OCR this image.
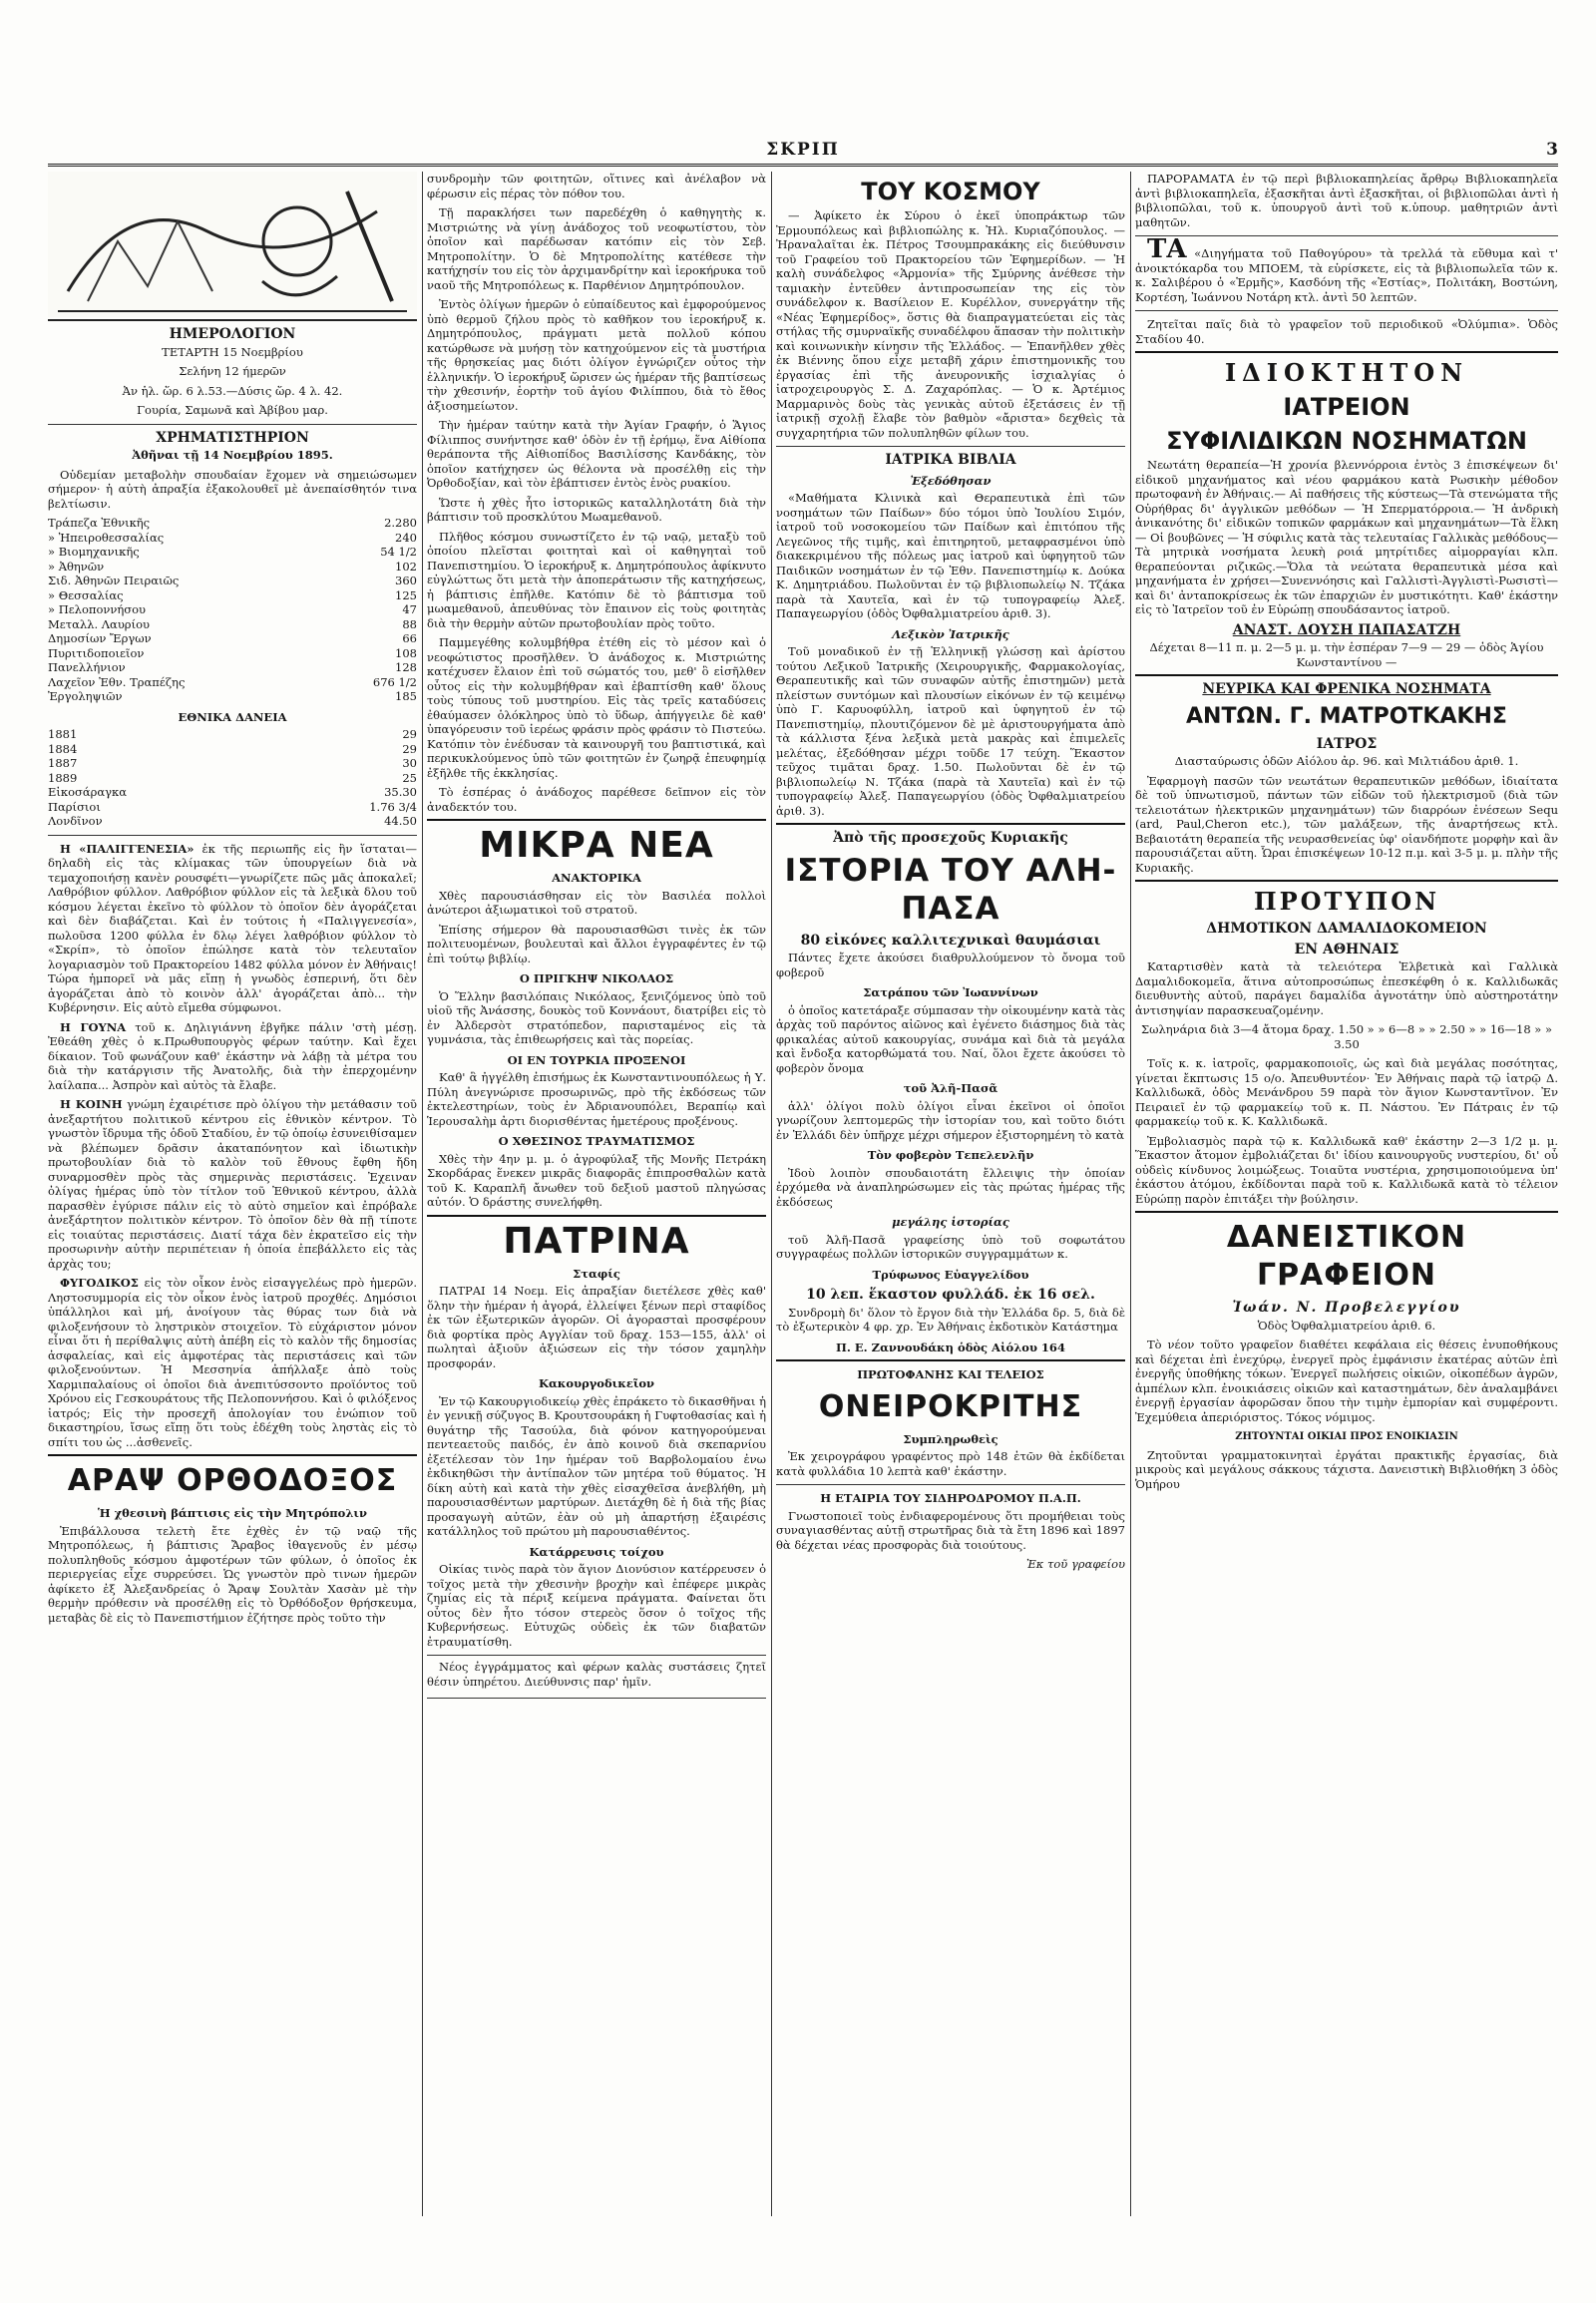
ΣΚΡΙΠ	3
ΗΜΕΡΟΛΟΓΙΟΝ

ΤΕΤΑΡΤΗ 15 Νοεμβρίου

Σελήνη 12 ήμερῶν

Ἀν ἡλ. ὥρ. 6 λ.53.—Δύσις ὥρ. 4 λ. 42.

Γουρία, Σαμωνᾶ καὶ Ἀβίβου μαρ.

ΧΡΗΜΑΤΙΣΤΗΡΙΟΝ

Ἀθῆναι τῇ 14 Νοεμβρίου 1895.

Οὐδεμίαν μεταβολὴν σπουδαίαν ἔχομεν νὰ σημειώσωμεν σήμερον· ἡ αὐτὴ ἀπραξία ἐξακολουθεῖ μὲ ἀνεπαίσθητόν τινα βελτίωσιν.

Τράπεζα Ἐθνικῆς	2.280
» Ἠπειροθεσσαλίας	240
» Βιομηχανικῆς	54 1/2
» Ἀθηνῶν	102
Σιδ. Ἀθηνῶν Πειραιῶς	360
» Θεσσαλίας	125
» Πελοποννήσου	47
Μεταλλ. Λαυρίου	88
Δημοσίων Ἔργων	66
Πυριτιδοποιεῖον	108
Πανελλήνιον	128
Λαχεῖον Ἐθν. Τραπέζης	676 1/2
Ἐργοληψιῶν	185
ΕΘΝΙΚΑ ΔΑΝΕΙΑ
1881	29
1884	29
1887	30
1889	25
Εἰκοσάραγκα	35.30
Παρίσιοι	1.76 3/4
Λονδῖνον	44.50

Η «ΠΑΛΙΓΓΕΝΕΣΙΑ» ἐκ τῆς περιωπῆς εἰς ἣν ἵσταται—δηλαδὴ εἰς τὰς κλίμακας τῶν ὑπουργείων διὰ νὰ τεμαχοποιήσῃ κανὲν ρουσφέτι—γνωρίζετε πῶς μᾶς ἀποκαλεῖ; Λαθρόβιον φύλλον. Λαθρόβιον φύλλον εἰς τὰ λεξικὰ δλου τοῦ κόσμου λέγεται ἐκεῖνο τὸ φύλλον τὸ ὁποῖον δὲν ἀγοράζεται καὶ δὲν διαβάζεται. Καὶ ἐν τούτοις ἡ «Παλιγγενεσία», πωλοῦσα 1200 φύλλα ἐν δλῳ λέγει λαθρόβιον φύλλον τὸ «Σκρίπ», τὸ ὁποῖον ἐπώλησε κατὰ τὸν τελευταῖον λογαριασμὸν τοῦ Πρακτορείου 1482 φύλλα μόνον ἐν Ἀθήναις! Τώρα ἠμπορεῖ νὰ μᾶς εἴπῃ ἡ γνωδὸς ἑσπερινή, ὅτι δὲν ἀγοράζεται ἀπὸ τὸ κοινὸν ἀλλ' ἀγοράζεται ἀπὸ... τὴν Κυβέρνησιν. Εἰς αὐτὸ εἴμεθα σύμφωνοι.

Η ΓΟΥΝΑ τοῦ κ. Δηλιγιάννη ἐβγῆκε πάλιν 'στὴ μέσῃ. Ἐθεάθη χθὲς ὁ κ.Πρωθυπουργὸς φέρων ταύτην. Καὶ ἔχει δίκαιον. Τοῦ φωνάζουν καθ' ἑκάστην νὰ λάβῃ τὰ μέτρα του διὰ τὴν κατάργισιν τῆς Ἀνατολῆς, διὰ τὴν ἐπερχομένην λαίλαπα... Ἀσπρὸν καὶ αὐτὸς τὰ ἔλαβε.

Η ΚΟΙΝΗ γνώμη ἐχαιρέτισε πρὸ ὀλίγου τὴν μετάθασιν τοῦ ἀνεξαρτήτου πολιτικοῦ κέντρου εἰς ἐθνικὸν κέντρον. Τὸ γνωστὸν ἴδρυμα τῆς ὁδοῦ Σταδίου, ἐν τῷ ὁποίῳ ἐσυνειθίσαμεν νὰ βλέπωμεν δρᾶσιν ἀκαταπόνητον καὶ ἰδιωτικὴν πρωτοβουλίαν διὰ τὸ καλὸν τοῦ ἔθνους ἔφθη ἤδη συναρμοσθὲν πρὸς τὰς σημερινὰς περιστάσεις. Ἐχειναν ὀλίγας ἡμέρας ὑπὸ τὸν τίτλον τοῦ Ἐθνικοῦ κέντρου, ἀλλὰ παρασθὲν ἐγύρισε πάλιν εἰς τὸ αὐτὸ σημεῖον καὶ ἐπρόβαλε ἀνεξάρτητον πολιτικὸν κέντρον. Τὸ ὁποῖον δὲν θὰ πῇ τίποτε εἰς τοιαύτας περιστάσεις. Διατί τάχα δὲν ἐκρατεῖσο εἰς τὴν προσωρινὴν αὐτὴν περιπέτειαν ἡ ὁποία ἐπεβάλλετο εἰς τὰς ἀρχὰς του;

ΦΥΓΟΔΙΚΟΣ εἰς τὸν οἶκον ἑνὸς εἰσαγγελέως πρὸ ἡμερῶν. Ληστοσυμμορία εἰς τὸν οἶκον ἑνὸς ἰατροῦ προχθές. Δημόσιοι ὑπάλληλοι καὶ μή, ἀνοίγουν τὰς θύρας των διὰ νὰ φιλοξενήσουν τὸ ληστρικὸν στοιχεῖον. Τὸ εὐχάριστον μόνον εἶναι ὅτι ἡ περίθαλψις αὐτὴ ἀπέβη εἰς τὸ καλὸν τῆς δημοσίας ἀσφαλείας, καὶ εἰς ἀμφοτέρας τὰς περιστάσεις καὶ τῶν φιλοξενούντων. Ἡ Μεσσηνία ἀπήλλαξε ἀπὸ τοὺς Χαρμιπαλαίους οἱ ὁποῖοι διὰ ἀνεπιτύσσοντο προϊόντος τοῦ Χρόνου εἰς Γεσκουράτους τῆς Πελοποννήσου. Καὶ ὁ φιλόξενος ἰατρός; Εἰς τὴν προσεχῆ ἀπολογίαν του ἐνώπιον τοῦ δικαστηρίου, ἴσως εἴπῃ ὅτι τοὺς ἐδέχθη τοὺς ληστὰς εἰς τὸ σπίτι του ὡς ...ἀσθενεῖς.

ΑΡΑΨ ΟΡΘΟΔΟΞΟΣ
Ἡ χθεσινὴ βάπτισις εἰς τὴν Μητρόπολιν

Ἐπιβάλλουσα τελετὴ ἔτε ἐχθὲς ἐν τῷ ναῷ τῆς Μητροπόλεως, ἡ βάπτισις Ἄραβος ἰθαγενοῦς ἐν μέσῳ πολυπληθοῦς κόσμου ἀμφοτέρων τῶν φύλων, ὁ ὁποῖος ἐκ περιεργείας εἶχε συρρεύσει. Ὡς γνωστὸν πρὸ τινων ἡμερῶν ἀφίκετο ἐξ Ἀλεξανδρείας ὁ Ἄραψ Σουλτὰν Χασὰν μὲ τὴν θερμὴν πρόθεσιν νὰ προσέλθῃ εἰς τὸ Ὀρθόδοξον θρήσκευμα, μεταβὰς δὲ εἰς τὸ Πανεπιστήμιον ἐζήτησε πρὸς τοῦτο τὴν

συνδρομὴν τῶν φοιτητῶν, οἵτινες καὶ ἀνέλαβον νὰ φέρωσιν εἰς πέρας τὸν πόθον του.

Τῇ παρακλήσει των παρεδέχθη ὁ καθηγητὴς κ. Μιστριώτης νὰ γίνῃ ἀνάδοχος τοῦ νεοφωτίστου, τὸν ὁποῖον καὶ παρέδωσαν κατόπιν εἰς τὸν Σεβ. Μητροπολίτην. Ὁ δὲ Μητροπολίτης κατέθεσε τὴν κατήχησίν του εἰς τὸν ἀρχιμανδρίτην καὶ ἱεροκήρυκα τοῦ ναοῦ τῆς Μητροπόλεως κ. Παρθένιον Δημητρόπουλον.

Ἐντὸς ὀλίγων ἡμερῶν ὁ εὐπαίδευτος καὶ ἐμφορούμενος ὑπὸ θερμοῦ ζήλου πρὸς τὸ καθῆκον του ἱεροκήρυξ κ. Δημητρόπουλος, πράγματι μετὰ πολλοῦ κόπου κατώρθωσε νὰ μυήσῃ τὸν κατηχούμενον εἰς τὰ μυστήρια τῆς θρησκείας μας διότι ὀλίγον ἐγνώριζεν οὗτος τὴν ἑλληνικήν. Ὁ ἱεροκήρυξ ὥρισεν ὡς ἡμέραν τῆς βαπτίσεως τὴν χθεσινήν, ἑορτὴν τοῦ ἁγίου Φιλίππου, διὰ τὸ ἔθος ἀξιοσημείωτον.

Τὴν ἡμέραν ταύτην κατὰ τὴν Ἁγίαν Γραφήν, ὁ Ἅγιος Φίλιππος συνήντησε καθ' ὁδὸν ἐν τῇ ἐρήμῳ, ἕνα Αἰθίοπα θεράποντα τῆς Αἰθιοπίδος Βασιλίσσης Κανδάκης, τὸν ὁποῖον κατήχησεν ὡς θέλοντα νὰ προσέλθῃ εἰς τὴν Ὀρθοδοξίαν, καὶ τὸν ἐβάπτισεν ἐντὸς ἑνὸς ρυακίου.

Ὥστε ἡ χθὲς ἦτο ἱστορικῶς καταλληλοτάτη διὰ τὴν βάπτισιν τοῦ προσκλύτου Μωαμεθανοῦ.

Πλῆθος κόσμου συνωστίζετο ἐν τῷ ναῷ, μεταξὺ τοῦ ὁποίου πλεῖσται φοιτηταὶ καὶ οἱ καθηγηταὶ τοῦ Πανεπιστημίου. Ὁ ἱεροκήρυξ κ. Δημητρόπουλος ἀφίκνυτο εὐγλώττως ὅτι μετὰ τὴν ἀποπεράτωσιν τῆς κατηχήσεως, ἡ βάπτισις ἐπῆλθε. Κατόπιν δὲ τὸ βάπτισμα τοῦ μωαμεθανοῦ, ἀπευθύνας τὸν ἔπαινον εἰς τοὺς φοιτητὰς διὰ τὴν θερμὴν αὐτῶν πρωτοβουλίαν πρὸς τοῦτο.

Παμμεγέθης κολυμβήθρα ἐτέθη εἰς τὸ μέσον καὶ ὁ νεοφώτιστος προσῆλθεν. Ὁ ἀνάδοχος κ. Μιστριώτης κατέχυσεν ἔλαιον ἐπὶ τοῦ σώματός του, μεθ' ὃ εἰσῆλθεν οὗτος εἰς τὴν κολυμβήθραν καὶ ἐβαπτίσθη καθ' ὅλους τοὺς τύπους τοῦ μυστηρίου. Εἰς τὰς τρεῖς καταδύσεις ἐθαύμασεν ὁλόκληρος ὑπὸ τὸ ὕδωρ, ἀπήγγειλε δὲ καθ' ὑπαγόρευσιν τοῦ ἱερέως φράσιν πρὸς φράσιν τὸ Πιστεύω. Κατόπιν τὸν ἐνέδυσαν τὰ καινουργῆ του βαπτιστικά, καὶ περικυκλούμενος ὑπὸ τῶν φοιτητῶν ἐν ζωηρᾷ ἐπευφημίᾳ ἐξῆλθε τῆς ἐκκλησίας.

Τὸ ἑσπέρας ὁ ἀνάδοχος παρέθεσε δεῖπνον εἰς τὸν ἀναδεκτόν του.

ΜΙΚΡΑ ΝΕΑ
ΑΝΑΚΤΟΡΙΚΑ

Χθὲς παρουσιάσθησαν εἰς τὸν Βασιλέα πολλοὶ ἀνώτεροι ἀξιωματικοὶ τοῦ στρατοῦ.

Ἐπίσης σήμερον θὰ παρουσιασθῶσι τινὲς ἐκ τῶν πολιτευομένων, βουλευταὶ καὶ ἄλλοι ἐγγραφέντες ἐν τῷ ἐπὶ τούτῳ βιβλίῳ.

Ο ΠΡΙΓΚΗΨ ΝΙΚΟΛΑΟΣ

Ὁ Ἕλλην βασιλόπαις Νικόλαος, ξενιζόμενος ὑπὸ τοῦ υἱοῦ τῆς Ἀνάσσης, δουκὸς τοῦ Κοννάουτ, διατρίβει εἰς τὸ ἐν Ἀλδερσὸτ στρατόπεδον, παρισταμένος εἰς τὰ γυμνάσια, τὰς ἐπιθεωρήσεις καὶ τὰς πορείας.

ΟΙ ΕΝ ΤΟΥΡΚΙΑ ΠΡΟΞΕΝΟΙ

Καθ' ἃ ἠγγέλθη ἐπισήμως ἐκ Κωνσταντινουπόλεως ἡ Υ. Πύλη ἀνεγνώρισε προσωρινῶς, πρὸ τῆς ἐκδόσεως τῶν ἐκτελεστηρίων, τοὺς ἐν Ἀδριανουπόλει, Βεραπίῳ καὶ Ἱερουσαλὴμ ἀρτι διορισθέντας ἡμετέρους προξένους.

Ο ΧΘΕΣΙΝΟΣ ΤΡΑΥΜΑΤΙΣΜΟΣ

Χθὲς τὴν 4ην μ. μ. ὁ ἀγροφύλαξ τῆς Μονῆς Πετράκη Σκορδάρας ἕνεκεν μικρᾶς διαφορᾶς ἐπιπροσθαλὼν κατὰ τοῦ Κ. Καραπλῆ ἄνωθεν τοῦ δεξιοῦ μαστοῦ πληγώσας αὐτόν. Ὁ δράστης συνελήφθη.

ΠΑΤΡΙΝΑ
Σταφίς

ΠΑΤΡΑΙ 14 Νοεμ. Εἰς ἀπραξίαν διετέλεσε χθὲς καθ' ὅλην τὴν ἡμέραν ἡ ἀγορά, ἐλλείψει ξένων περὶ σταφίδος ἐκ τῶν ἐξωτερικῶν ἀγορῶν. Οἱ ἀγορασταὶ προσφέρουν διὰ φορτίκα πρὸς Αγγλίαν τοῦ δραχ. 153—155, ἀλλ' οἱ πωληταὶ ἀξιοῦν ἀξιώσεων εἰς τὴν τόσον χαμηλὴν προσφοράν.

Κακουργοδικεῖον

Ἐν τῷ Κακουργιοδικείῳ χθὲς ἐπράκετο τὸ δικασθῆναι ἡ ἐν γενικῇ σύζυγος Β. Κρουτσουράκη ἡ Γυφτοθασίας καὶ ἡ θυγάτηρ τῆς Τασούλα, διὰ φόνον κατηγορούμεναι πεντεαετοῦς παιδός, ἐν ἀπὸ κοινοῦ διὰ σκεπαρνίου ἐξετέλεσαν τὸν 1ην ἡμέραν τοῦ Βαρβολομαίου ἐνω ἐκδικηθῶσι τὴν ἀντίπαλον τῶν μητέρα τοῦ θύματος. Ἡ δίκη αὐτὴ καὶ κατὰ τὴν χθὲς εἰσαχθεῖσα ἀνεβλήθη, μὴ παρουσιασθέντων μαρτύρων. Διετάχθη δὲ ἡ διὰ τῆς βίας προσαγωγὴ αὐτῶν, ἐὰν οὐ μὴ ἀπαρτήσῃ ἐξαιρέσις κατάλληλος τοῦ πρώτου μὴ παρουσιαθέντος.

Κατάρρευσις τοίχου

Οἰκίας τινὸς παρὰ τὸν ἅγιον Διονύσιον κατέρρευσεν ὁ τοῖχος μετὰ τὴν χθεσινὴν βροχὴν καὶ ἐπέφερε μικρὰς ζημίας εἰς τὰ πέριξ κείμενα πράγματα. Φαίνεται ὅτι οὗτος δὲν ἦτο τόσον στερεὸς ὅσον ὁ τοῖχος τῆς Κυβερνήσεως. Εὐτυχῶς οὐδεὶς ἐκ τῶν διαβατῶν ἐτραυματίσθη.

Νέος ἐγγράμματος καὶ φέρων καλὰς συστάσεις ζητεῖ θέσιν ὑπηρέτου. Διεύθυνσις παρ' ἡμῖν.

ΤΟΥ ΚΟΣΜΟΥ

— Ἀφίκετο ἐκ Σύρου ὁ ἐκεῖ ὑποπράκτωρ τῶν Ἐρμουπόλεως καὶ βιβλιοπώλης κ. Ἠλ. Κυριαζόπουλος. — Ἠραναλαῖται ἐκ. Πέτρος Τσουμπρακάκης εἰς διεύθυνσιν τοῦ Γραφείου τοῦ Πρακτορείου τῶν Ἐφημερίδων. — Ἡ καλὴ συνάδελφος «Ἁρμονία» τῆς Σμύρνης ἀνέθεσε τὴν ταμιακὴν ἐντεῦθεν ἀντιπροσωπείαν της εἰς τὸν συνάδελφον κ. Βασίλειον Ε. Κυρέλλον, συνεργάτην τῆς «Νέας Ἐφημερίδος», ὅστις θὰ διαπραγματεύεται εἰς τὰς στήλας τῆς σμυρναϊκῆς συναδέλφου ἅπασαν τὴν πολιτικὴν καὶ κοινωνικὴν κίνησιν τῆς Ἑλλάδος. — Ἐπανῆλθεν χθὲς ἐκ Βιέννης ὅπου εἶχε μεταβῆ χάριν ἐπιστημονικῆς του ἐργασίας ἐπὶ τῆς ἀνευρονικῆς ἰσχιαλγίας ὁ ἰατροχειρουργὸς Σ. Δ. Ζαχαρόπλας. — Ὁ κ. Ἀρτέμιος Μαρμαρινὸς δοὺς τὰς γενικὰς αὐτοῦ ἐξετάσεις ἐν τῇ ἰατρικῇ σχολῇ ἔλαβε τὸν βαθμὸν «ἄριστα» δεχθεὶς τὰ συγχαρητήρια τῶν πολυπληθῶν φίλων του.

ΙΑΤΡΙΚΑ ΒΙΒΛΙΑ
Ἐξεδόθησαν

«Μαθήματα Κλινικὰ καὶ Θεραπευτικὰ ἐπὶ τῶν νοσημάτων τῶν Παίδων» δύο τόμοι ὑπὸ Ἰουλίου Σιμόν, ἰατροῦ τοῦ νοσοκομείου τῶν Παίδων καὶ ἐπιτόπου τῆς Λεγεῶνος τῆς τιμῆς, καὶ ἐπιτηρητοῦ, μεταφρασμένοι ὑπὸ διακεκριμένου τῆς πόλεως μας ἰατροῦ καὶ ὑφηγητοῦ τῶν Παιδικῶν νοσημάτων ἐν τῷ Ἐθν. Πανεπιστημίῳ κ. Δούκα Κ. Δημητριάδου. Πωλοῦνται ἐν τῷ βιβλιοπωλείῳ Ν. Τζάκα παρὰ τὰ Χαυτεῖα, καὶ ἐν τῷ τυπογραφείῳ Ἀλεξ. Παπαγεωργίου (ὁδὸς Ὀφθαλμιατρείου ἀριθ. 3).

Λεξικὸν Ἰατρικῆς

Τοῦ μοναδικοῦ ἐν τῇ Ἑλληνικῇ γλώσσῃ καὶ ἀρίστου τούτου Λεξικοῦ Ἰατρικῆς (Χειρουργικῆς, Φαρμακολογίας, Θεραπευτικῆς καὶ τῶν συναφῶν αὐτῆς ἐπιστημῶν) μετὰ πλείστων συντόμων καὶ πλουσίων εἰκόνων ἐν τῷ κειμένῳ ὑπὸ Γ. Καρυοφύλλη, ἰατροῦ καὶ ὑφηγητοῦ ἐν τῷ Πανεπιστημίῳ, πλουτιζόμενον δὲ μὲ ἀριστουργήματα ἀπὸ τὰ κάλλιστα ξένα λεξικὰ μετὰ μακρὰς καὶ ἐπιμελεῖς μελέτας, ἐξεδόθησαν μέχρι τοῦδε 17 τεύχη. Ἕκαστον τεῦχος τιμᾶται δραχ. 1.50. Πωλοῦνται δὲ ἐν τῷ βιβλιοπωλείῳ Ν. Τζάκα (παρὰ τὰ Χαυτεῖα) καὶ ἐν τῷ τυπογραφείῳ Ἀλεξ. Παπαγεωργίου (ὁδὸς Ὀφθαλμιατρείου ἀριθ. 3).

Ἀπὸ τῆς προσεχοῦς Κυριακῆς
ΙΣΤΟΡΙΑ ΤΟΥ ΑΛΗ-ΠΑΣΑ
80 εἰκόνες καλλιτεχνικαὶ θαυμάσιαι

Πάντες ἔχετε ἀκούσει διαθρυλλούμενον τὸ ὄνομα τοῦ φοβεροῦ

Σατράπου τῶν Ἰωαννίνων

ὁ ὁποῖος κατετάραξε σύμπασαν τὴν οἰκουμένην κατὰ τὰς ἀρχὰς τοῦ παρόντος αἰῶνος καὶ ἐγένετο διάσημος διὰ τὰς φρικαλέας αὐτοῦ κακουργίας, συνάμα καὶ διὰ τὰ μεγάλα καὶ ἔνδοξα κατορθώματά του. Ναί, ὅλοι ἔχετε ἀκούσει τὸ φοβερὸν ὄνομα

τοῦ Ἀλῆ-Πασᾶ

ἀλλ' ὀλίγοι πολὺ ὀλίγοι εἶναι ἐκεῖνοι οἱ ὁποῖοι γνωρίζουν λεπτομερῶς τὴν ἱστορίαν του, καὶ τοῦτο διότι ἐν Ἑλλάδι δὲν ὑπῆρχε μέχρι σήμερον ἐξιστορημένη τὸ κατὰ

Τὸν φοβερὸν Τεπελενλῆν

Ἰδοὺ λοιπὸν σπουδαιοτάτη ἔλλειψις τὴν ὁποίαν ἐρχόμεθα νὰ ἀναπληρώσωμεν εἰς τὰς πρώτας ἡμέρας τῆς ἐκδόσεως

μεγάλης ἱστορίας

τοῦ Ἀλῆ-Πασᾶ γραφείσης ὑπὸ τοῦ σοφωτάτου συγγραφέως πολλῶν ἱστορικῶν συγγραμμάτων κ.

Τρύφωνος Εὐαγγελίδου
10 λεπ. ἕκαστον φυλλάδ. ἐκ 16 σελ.

Συνδρομὴ δι' ὅλον τὸ ἔργον διὰ τὴν Ἑλλάδα δρ. 5, διὰ δὲ τὸ ἐξωτερικὸν 4 φρ. χρ. Ἐν Ἀθήναις ἐκδοτικὸν Κατάστημα

Π. Ε. Ζαννουδάκη ὁδὸς Αἰόλου 164
ΠΡΩΤΟΦΑΝΗΣ ΚΑΙ ΤΕΛΕΙΟΣ
ΟΝΕΙΡΟΚΡΙΤΗΣ
Συμπληρωθεὶς

Ἐκ χειρογράφου γραφέντος πρὸ 148 ἐτῶν θὰ ἐκδίδεται κατὰ φυλλάδια 10 λεπτὰ καθ' ἑκάστην.

Η ΕΤΑΙΡΙΑ ΤΟΥ ΣΙΔΗΡΟΔΡΟΜΟΥ Π.Α.Π.

Γνωστοποιεῖ τοὺς ἐνδιαφερομένους ὅτι προμήθειαι τοὺς συναγιασθέντας αὐτῇ στρωτῆρας διὰ τὰ ἔτη 1896 καὶ 1897 θὰ δέχεται νέας προσφορὰς διὰ τοιούτους.

Ἐκ τοῦ γραφείου

ΠΑΡΟΡΑΜΑΤΑ ἐν τῷ περὶ βιβλιοκαπηλείας ἄρθρῳ Βιβλιοκαπηλεῖα ἀντὶ βιβλιοκαπηλεῖα, ἐξασκῆται ἀντὶ ἐξασκῆται, οἱ βιβλιοπῶλαι ἀντὶ ἡ βιβλιοπῶλαι, τοῦ κ. ὑπουργοῦ ἀντὶ τοῦ κ.ὑπουρ. μαθητριῶν ἀντὶ μαθητῶν.

ΤΑ «Διηγήματα τοῦ Παθογύρου» τὰ τρελλά τὰ εὔθυμα καὶ τ' ἀνοικτόκαρδα του ΜΠΟΕΜ, τὰ εὑρίσκετε, εἰς τὰ βιβλιοπωλεῖα τῶν κ. κ. Σαλιβέρου ὁ «Ἑρμῆς», Κασδόνη τῆς «Ἑστίας», Πολιτάκη, Βοστώνη, Κορτέση, Ἰωάννου Νοτάρη κτλ. ἀντὶ 50 λεπτῶν.

Ζητεῖται παῖς διὰ τὸ γραφεῖον τοῦ περιοδικοῦ «Ὀλύμπια». Ὁδὸς Σταδίου 40.

ΙΔΙΟΚΤΗΤΟΝ
ΙΑΤΡΕΙΟΝ
ΣΥΦΙΛΙΔΙΚΩΝ ΝΟΣΗΜΑΤΩΝ

Νεωτάτη θεραπεία—Ἡ χρονία βλεννόρροια ἐντὸς 3 ἐπισκέψεων δι' εἰδικοῦ μηχανήματος καὶ νέου φαρμάκου κατὰ Ρωσικὴν μέθοδον πρωτοφανὴ ἐν Ἀθήναις.— Αἱ παθήσεις τῆς κύστεως—Τὰ στενώματα τῆς Οὐρήθρας δι' ἀγγλικῶν μεθόδων — Ἡ Σπερματόρροια.— Ἡ ἀνδρικὴ ἀνικανότης δι' εἰδικῶν τοπικῶν φαρμάκων καὶ μηχανημάτων—Τὰ ἕλκη— Οἱ βουβῶνες — Ἡ σύφιλις κατὰ τὰς τελευταίας Γαλλικὰς μεθόδους—Τὰ μητρικὰ νοσήματα λευκὴ ροιά μητρίτιδες αἱμορραγίαι κλπ. θεραπεύονται ριζικῶς.—Ὅλα τὰ νεώτατα θεραπευτικὰ μέσα καὶ μηχανήματα ἐν χρήσει—Συνεννόησις καὶ Γαλλιστὶ-Ἀγγλιστὶ-Ρωσιστὶ—καὶ δι' ἀνταποκρίσεως ἐκ τῶν ἐπαρχιῶν ἐν μυστικότητι. Καθ' ἑκάστην εἰς τὸ Ἰατρεῖον τοῦ ἐν Εὐρώπῃ σπουδάσαντος ἰατροῦ.

ΑΝΑΣΤ. ΔΟΥΣΗ ΠΑΠΑΣΑΤΖΗ

Δέχεται 8—11 π. μ. 2—5 μ. μ. τὴν ἑσπέραν 7—9 — 29 — ὁδὸς Ἁγίου Κωνσταντίνου —

ΝΕΥΡΙΚΑ ΚΑΙ ΦΡΕΝΙΚΑ ΝΟΣΗΜΑΤΑ
ΑΝΤΩΝ. Γ. ΜΑΤΡΟΤΚΑΚΗΣ
ΙΑΤΡΟΣ

Διασταύρωσις ὁδῶν Αἰόλου ἀρ. 96. καὶ Μιλτιάδου ἀριθ. 1.

Ἐφαρμογὴ πασῶν τῶν νεωτάτων θεραπευτικῶν μεθόδων, ἰδιαίτατα δὲ τοῦ ὑπνωτισμοῦ, πάντων τῶν εἰδῶν τοῦ ἠλεκτρισμοῦ (διὰ τῶν τελειοτάτων ἠλεκτρικῶν μηχανημάτων) τῶν διαρρόων ἐνέσεων Sequ (ard, Paul,Cheron etc.), τῶν μαλάξεων, τῆς ἀναρτήσεως κτλ. Βεβαιοτάτη θεραπεία τῆς νευρασθενείας ὑφ' οἱανδήποτε μορφὴν καὶ ἂν παρουσιάζεται αὕτη. Ὧραι ἐπισκέψεων 10-12 π.μ. καὶ 3-5 μ. μ. πλὴν τῆς Κυριακῆς.

ΠΡΟΤΥΠΟΝ
ΔΗΜΟΤΙΚΟΝ ΔΑΜΑΛΙΔΟΚΟΜΕΙΟΝ
ΕΝ ΑΘΗΝΑΙΣ

Καταρτισθὲν κατὰ τὰ τελειότερα Ἑλβετικὰ καὶ Γαλλικὰ Δαμαλιδοκομεῖα, ἅτινα αὐτοπροσώπως ἐπεσκέφθη ὁ κ. Καλλιδωκᾶς διευθυντὴς αὐτοῦ, παράγει δαμαλίδα ἀγνοτάτην ὑπὸ αὐστηροτάτην ἀντισηψίαν παρασκευαζομένην.

Σωληνάρια διὰ 3—4 ἄτομα δραχ. 1.50 » » 6—8 » » 2.50 » » 16—18 » » 3.50

Τοῖς κ. κ. ἰατροῖς, φαρμακοποιοῖς, ὡς καὶ διὰ μεγάλας ποσότητας, γίνεται ἔκπτωσις 15 ο/ο. Ἀπευθυντέον· Ἐν Ἀθήναις παρὰ τῷ ἰατρῷ Δ. Καλλιδωκᾶ, ὁδὸς Μενάνδρου 59 παρὰ τὸν ἅγιον Κωνσταντῖνον. Ἐν Πειραιεῖ ἐν τῷ φαρμακείῳ τοῦ κ. Π. Νάστου. Ἐν Πάτραις ἐν τῷ φαρμακείῳ τοῦ κ. Κ. Καλλιδωκᾶ.

Ἐμβολιασμὸς παρὰ τῷ κ. Καλλιδωκᾶ καθ' ἑκάστην 2—3 1/2 μ. μ. Ἕκαστον ἄτομον ἐμβολιάζεται δι' ἰδίου καινουργοῦς νυστερίου, δι' οὗ οὐδεὶς κίνδυνος λοιμώξεως. Τοιαῦτα νυστέρια, χρησιμοποιούμενα ὑπ' ἑκάστου ἀτόμου, ἐκδίδονται παρὰ τοῦ κ. Καλλιδωκᾶ κατὰ τὸ τέλειον Εὐρώπῃ παρὸν ἐπιτάξει τὴν βούλησιν.

ΔΑΝΕΙΣΤΙΚΟΝ ΓΡΑΦΕΙΟΝ
Ἰωάν. Ν. Προβελεγγίου

Ὁδὸς Ὀφθαλμιατρείου ἀριθ. 6.

Τὸ νέον τοῦτο γραφεῖον διαθέτει κεφάλαια εἰς θέσεις ἐνυποθήκους καὶ δέχεται ἐπὶ ἐνεχύρῳ, ἐνεργεῖ πρὸς ἐμφάνισιν ἑκατέρας αὐτῶν ἐπὶ ἐνεργῆς ὑποθήκης τόκων. Ἐνεργεῖ πωλήσεις οἰκιῶν, οἰκοπέδων ἀγρῶν, ἀμπέλων κλπ. ἐνοικιάσεις οἰκιῶν καὶ καταστημάτων, δὲν ἀναλαμβάνει ἐνεργῇ ἐργασίαν ἀφορῶσαν ὅπου τὴν τιμὴν ἐμπορίαν καὶ συμφέροντι. Ἐχεμύθεια ἀπεριόριστος. Τόκος νόμιμος.

ΖΗΤΟΥΝΤΑΙ ΟΙΚΙΑΙ ΠΡΟΣ ΕΝΟΙΚΙΑΣΙΝ

Ζητοῦνται γραμματοκινηταὶ ἐργάται πρακτικῆς ἐργασίας, διὰ μικροὺς καὶ μεγάλους σάκκους τάχιστα. Δανειστικὴ Βιβλιοθήκη 3 ὁδὸς Ὁμήρου
